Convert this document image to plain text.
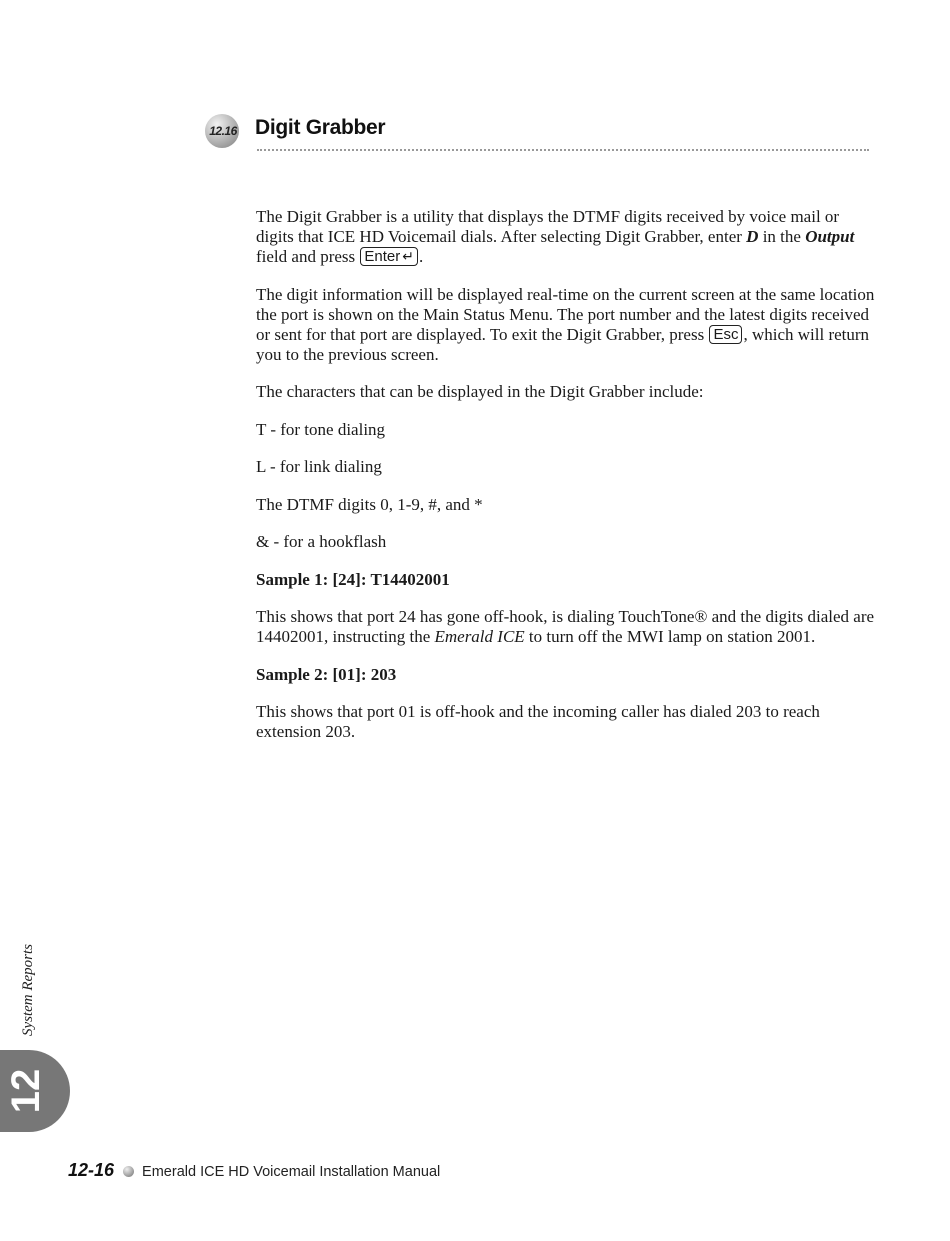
12.16 Digit Grabber

The Digit Grabber is a utility that displays the DTMF digits received by voice mail or digits that ICE HD Voicemail dials. After selecting Digit Grabber, enter D in the Output field and press Enter ↵ .

The digit information will be displayed real-time on the current screen at the same location the port is shown on the Main Status Menu. The port number and the latest digits received or sent for that port are displayed. To exit the Digit Grabber, press Esc , which will return you to the previous screen.

The characters that can be displayed in the Digit Grabber include:

T - for tone dialing

L - for link dialing

The DTMF digits 0, 1-9, #, and *

& - for a hookflash

Sample 1: [24]: T14402001

This shows that port 24 has gone off-hook, is dialing TouchTone® and the digits dialed are 14402001, instructing the Emerald ICE to turn off the MWI lamp on station 2001.

Sample 2: [01]: 203

This shows that port 01 is off-hook and the incoming caller has dialed 203 to reach extension 203.

System Reports
12
12-16 Emerald ICE HD Voicemail Installation Manual
